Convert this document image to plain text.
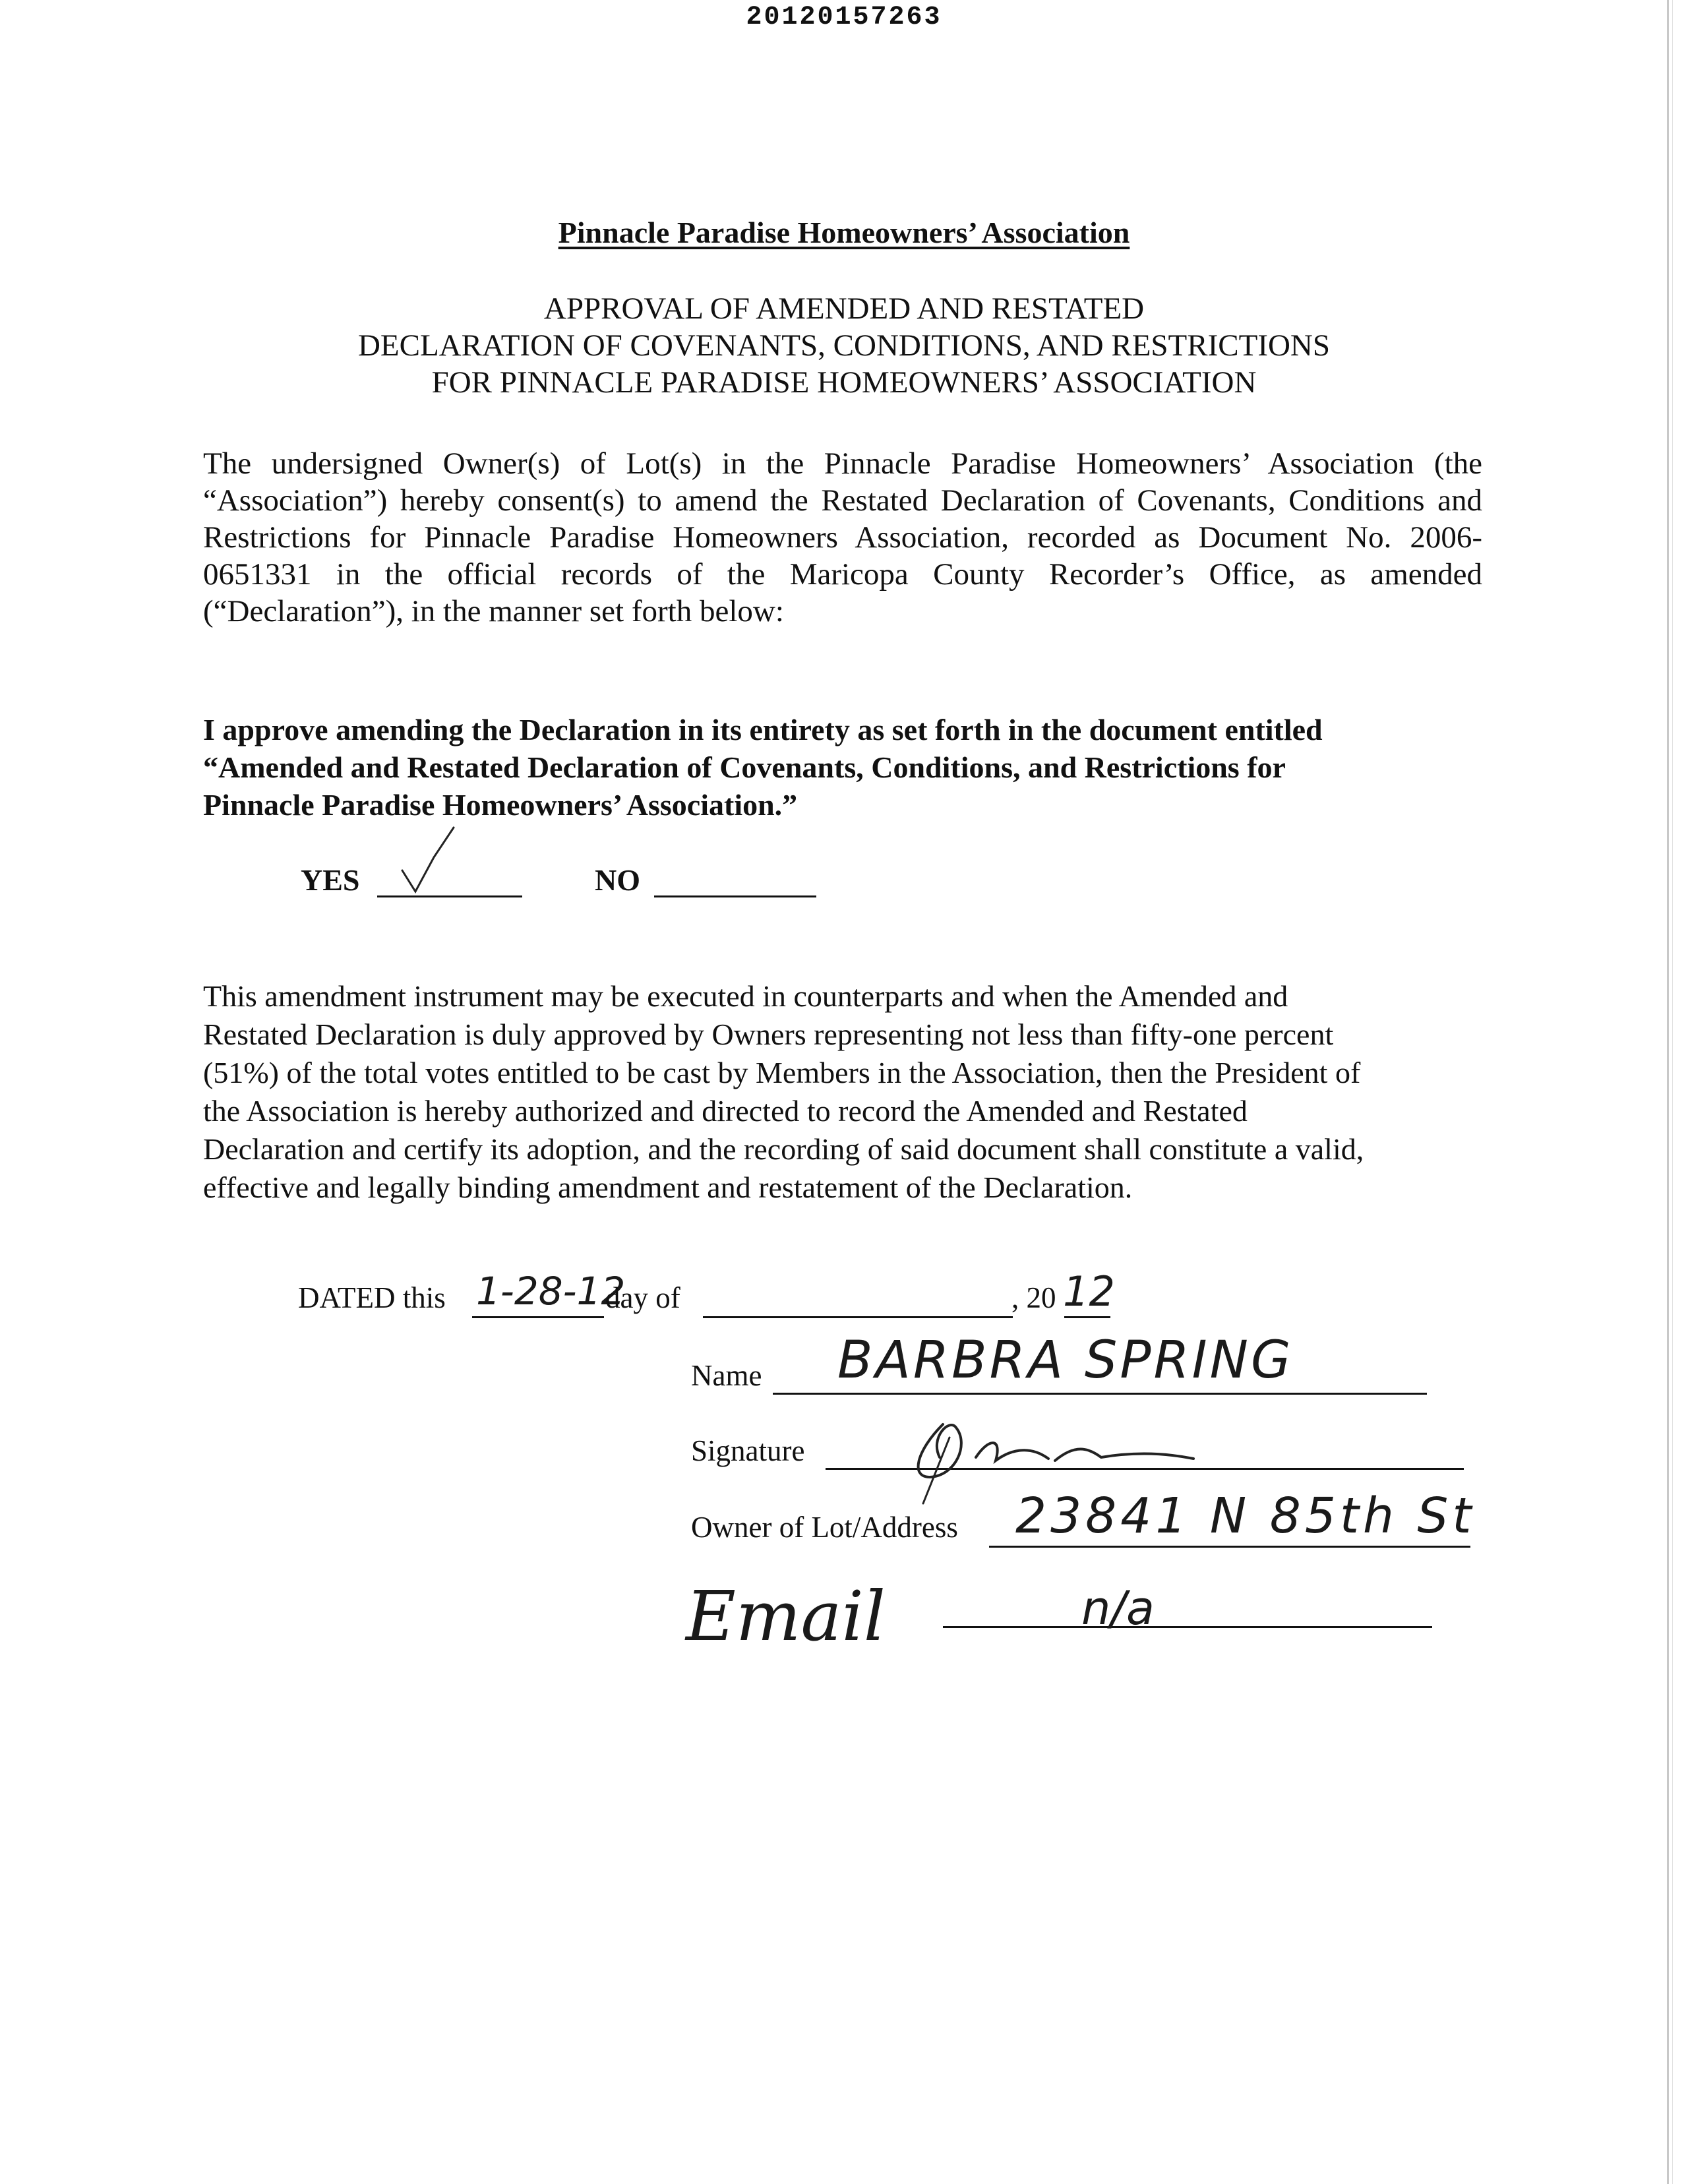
20120157263
Pinnacle Paradise Homeowners’ Association
APPROVAL OF AMENDED AND RESTATED
DECLARATION OF COVENANTS, CONDITIONS, AND RESTRICTIONS
FOR PINNACLE PARADISE HOMEOWNERS’ ASSOCIATION
The undersigned Owner(s) of Lot(s) in the Pinnacle Paradise Homeowners’ Association (the “Association”) hereby consent(s) to amend the Restated Declaration of Covenants, Conditions and Restrictions for Pinnacle Paradise Homeowners Association, recorded as Document No. 2006-0651331 in the official records of the Maricopa County Recorder’s Office, as amended (“Declaration”), in the manner set forth below:
I approve amending the Declaration in its entirety as set forth in the document entitled
“Amended and Restated Declaration of Covenants, Conditions, and Restrictions for
Pinnacle Paradise Homeowners’ Association.”
YES	NO
This amendment instrument may be executed in counterparts and when the Amended and
Restated Declaration is duly approved by Owners representing not less than fifty-one percent
(51%) of the total votes entitled to be cast by Members in the Association, then the President of
the Association is hereby authorized and directed to record the Amended and Restated
Declaration and certify its adoption, and the recording of said document shall constitute a valid,
effective and legally binding amendment and restatement of the Declaration.
DATED this 1-28-12
day of	, 20 12
Name BARBRA SPRING
Signature
Owner of Lot/Address 23841 N 85th St
Email	n/a
